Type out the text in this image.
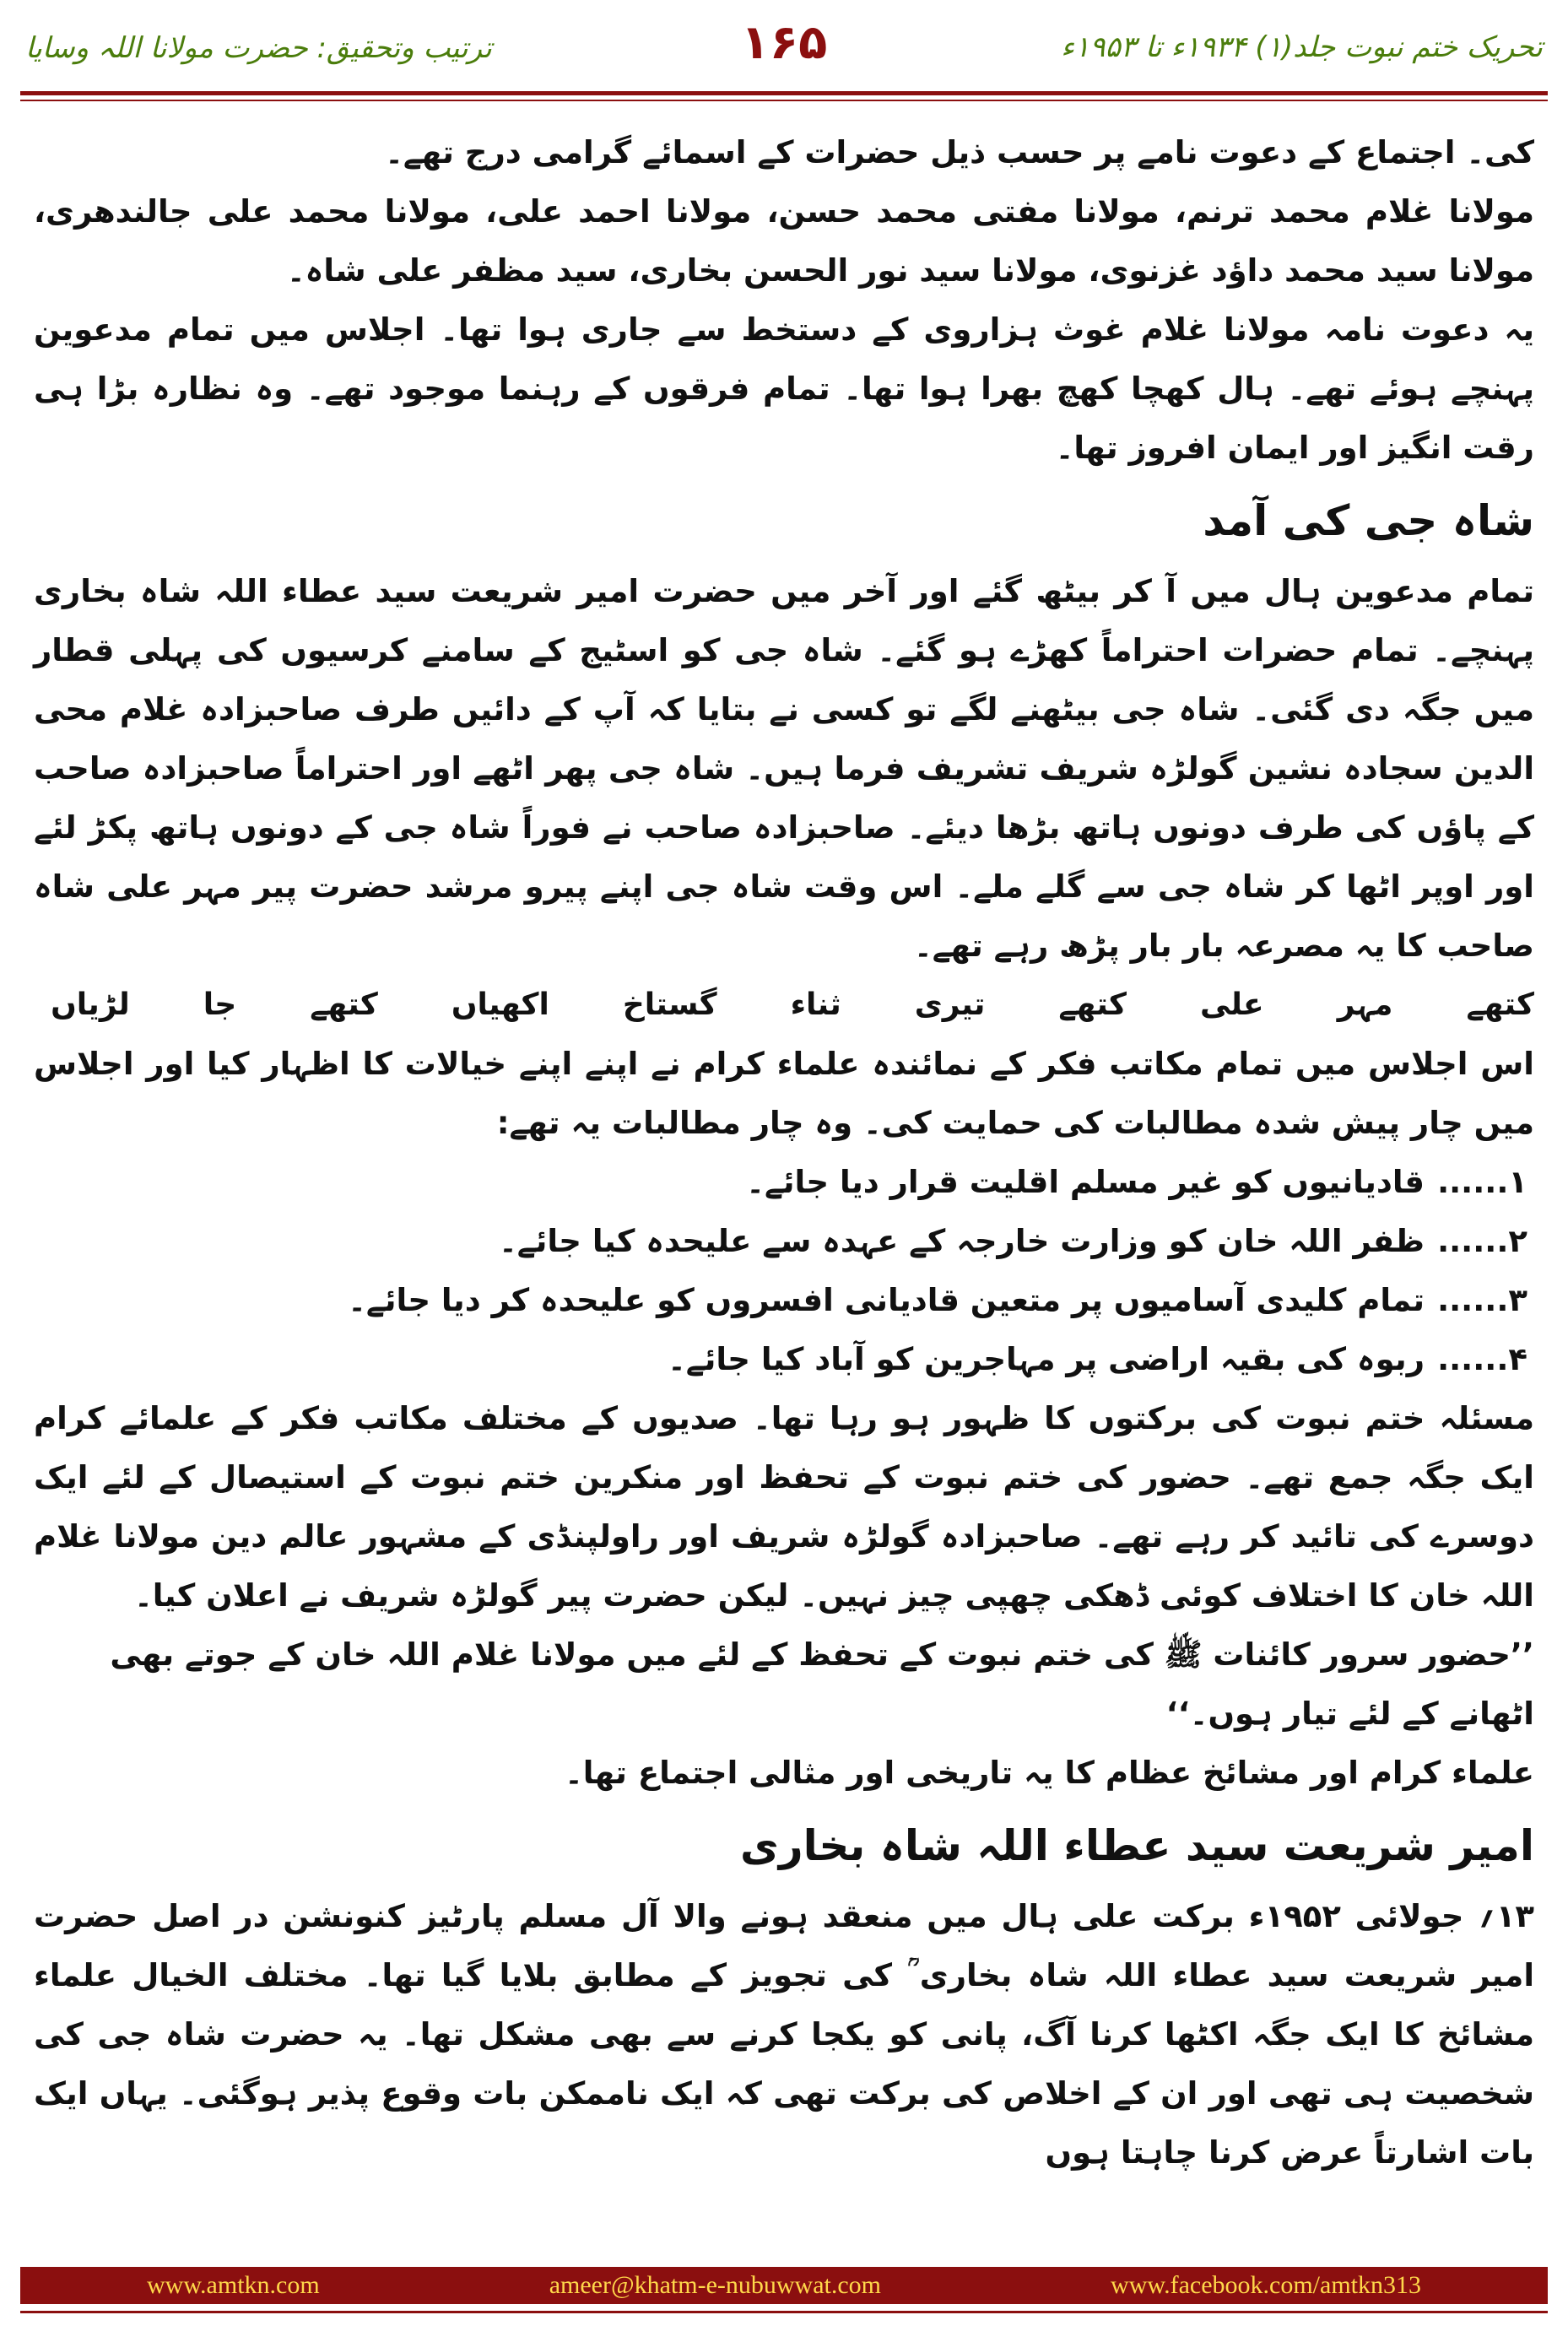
تحریک ختم نبوت جلد(۱) ۱۹۳۴ء تا ۱۹۵۳ء
۱۶۵
ترتیب وتحقیق: حضرت مولانا اللہ وسایا
کی۔ اجتماع کے دعوت نامے پر حسب ذیل حضرات کے اسمائے گرامی درج تھے۔
مولانا غلام محمد ترنم، مولانا مفتی محمد حسن، مولانا احمد علی، مولانا محمد علی جالندھری، مولانا سید محمد داؤد غزنوی، مولانا سید نور الحسن بخاری، سید مظفر علی شاہ۔
یہ دعوت نامہ مولانا غلام غوث ہزاروی کے دستخط سے جاری ہوا تھا۔ اجلاس میں تمام مدعوین پہنچے ہوئے تھے۔ ہال کھچا کھچ بھرا ہوا تھا۔ تمام فرقوں کے رہنما موجود تھے۔ وہ نظارہ بڑا ہی رقت انگیز اور ایمان افروز تھا۔
شاہ جی کی آمد
تمام مدعوین ہال میں آ کر بیٹھ گئے اور آخر میں حضرت امیر شریعت سید عطاء اللہ شاہ بخاری پہنچے۔ تمام حضرات احتراماً کھڑے ہو گئے۔ شاہ جی کو اسٹیج کے سامنے کرسیوں کی پہلی قطار میں جگہ دی گئی۔ شاہ جی بیٹھنے لگے تو کسی نے بتایا کہ آپ کے دائیں طرف صاحبزادہ غلام محی الدین سجادہ نشین گولڑہ شریف تشریف فرما ہیں۔ شاہ جی پھر اٹھے اور احتراماً صاحبزادہ صاحب کے پاؤں کی طرف دونوں ہاتھ بڑھا دیئے۔ صاحبزادہ صاحب نے فوراً شاہ جی کے دونوں ہاتھ پکڑ لئے اور اوپر اٹھا کر شاہ جی سے گلے ملے۔ اس وقت شاہ جی اپنے پیرو مرشد حضرت پیر مہر علی شاہ صاحب کا یہ مصرعہ بار بار پڑھ رہے تھے۔
کتھے
مہر
علی
کتھے
تیری
ثناء
گستاخ
اکھیاں
کتھے
جا
لڑیاں
اس اجلاس میں تمام مکاتب فکر کے نمائندہ علماء کرام نے اپنے اپنے خیالات کا اظہار کیا اور اجلاس میں چار پیش شدہ مطالبات کی حمایت کی۔ وہ چار مطالبات یہ تھے:
۱......
قادیانیوں کو غیر مسلم اقلیت قرار دیا جائے۔
۲......
ظفر اللہ خان کو وزارت خارجہ کے عہدہ سے علیحدہ کیا جائے۔
۳......
تمام کلیدی آسامیوں پر متعین قادیانی افسروں کو علیحدہ کر دیا جائے۔
۴......
ربوہ کی بقیہ اراضی پر مہاجرین کو آباد کیا جائے۔
مسئلہ ختم نبوت کی برکتوں کا ظہور ہو رہا تھا۔ صدیوں کے مختلف مکاتب فکر کے علمائے کرام ایک جگہ جمع تھے۔ حضور کی ختم نبوت کے تحفظ اور منکرین ختم نبوت کے استیصال کے لئے ایک دوسرے کی تائید کر رہے تھے۔ صاحبزادہ گولڑہ شریف اور راولپنڈی کے مشہور عالم دین مولانا غلام اللہ خان کا اختلاف کوئی ڈھکی چھپی چیز نہیں۔ لیکن حضرت پیر گولڑہ شریف نے اعلان کیا۔
’’حضور سرور کائنات ﷺ کی ختم نبوت کے تحفظ کے لئے میں مولانا غلام اللہ خان کے جوتے بھی اٹھانے کے لئے تیار ہوں۔‘‘
علماء کرام اور مشائخ عظام کا یہ تاریخی اور مثالی اجتماع تھا۔
امیر شریعت سید عطاء اللہ شاہ بخاری
۱۳؍ جولائی ۱۹۵۲ء برکت علی ہال میں منعقد ہونے والا آل مسلم پارٹیز کنونشن در اصل حضرت امیر شریعت سید عطاء اللہ شاہ بخاری ؒ کی تجویز کے مطابق بلایا گیا تھا۔ مختلف الخیال علماء مشائخ کا ایک جگہ اکٹھا کرنا آگ، پانی کو یکجا کرنے سے بھی مشکل تھا۔ یہ حضرت شاہ جی کی شخصیت ہی تھی اور ان کے اخلاص کی برکت تھی کہ ایک ناممکن بات وقوع پذیر ہوگئی۔ یہاں ایک بات اشارتاً عرض کرنا چاہتا ہوں
www.amtkn.com	ameer@khatm-e-nubuwwat.com	www.facebook.com/amtkn313
